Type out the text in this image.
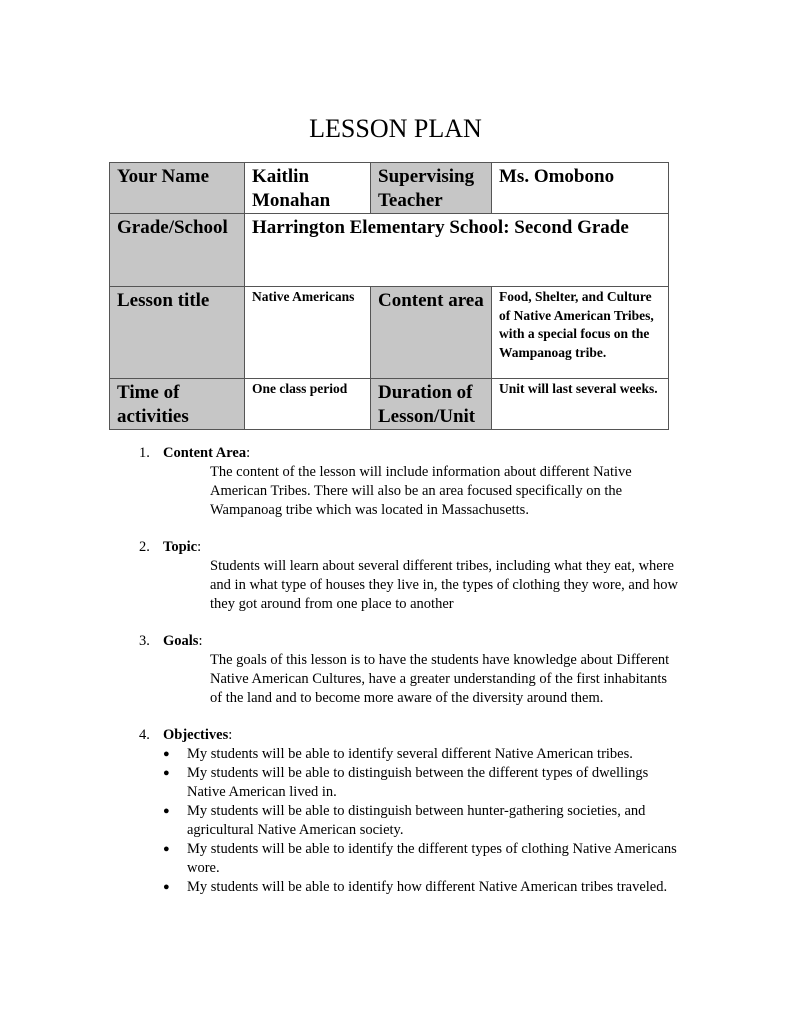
LESSON PLAN
Your Name	Kaitlin Monahan	Supervising Teacher	Ms. Omobono
Grade/School	Harrington Elementary School: Second Grade		
Lesson title	Native Americans	Content area	Food, Shelter, and Culture of Native American Tribes, with a special focus on the Wampanoag tribe.
Time of activities	One class period	Duration of Lesson/Unit	Unit will last several weeks.
1. Content Area :
The content of the lesson will include information about different Native American Tribes. There will also be an area focused specifically on the Wampanoag tribe which was located in Massachusetts.
2. Topic :
Students will learn about several different tribes, including what they eat, where and in what type of houses they live in, the types of clothing they wore, and how they got around from one place to another
3. Goals :
The goals of this lesson is to have the students have knowledge about Different Native American Cultures, have a greater understanding of the first inhabitants of the land and to become more aware of the diversity around them.
4. Objectives :
●	My students will be able to identify several different Native American tribes.
●	My students will be able to distinguish between the different types of dwellings Native American lived in.
●	My students will be able to distinguish between hunter-gathering societies, and agricultural Native American society.
●	My students will be able to identify the different types of clothing Native Americans wore.
●	My students will be able to identify how different Native American tribes traveled.
